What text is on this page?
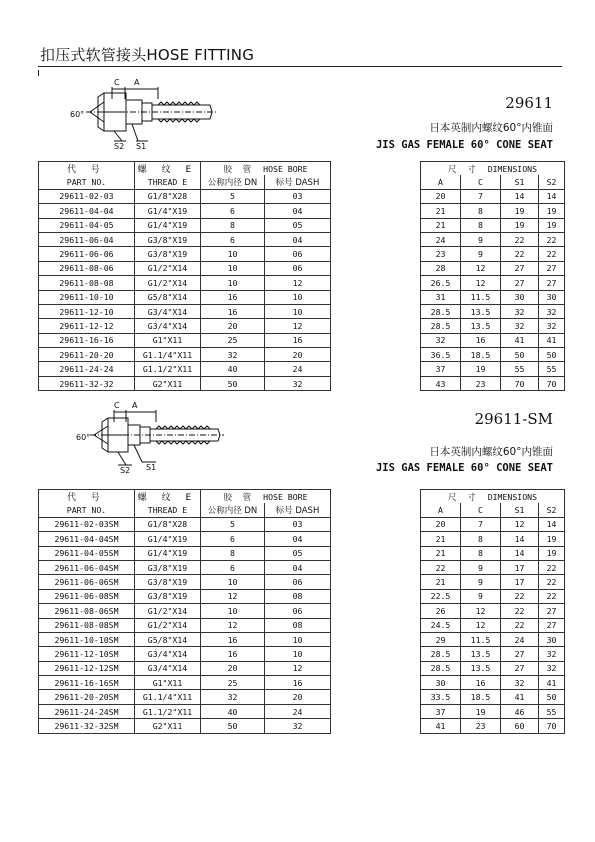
扣压式软管接头HOSE FITTING
C A
60°
S2 S1
29611
日本英制内螺纹60°内锥面
JIS GAS FEMALE 60° CONE SEAT
代 号	螺 纹 E	胶 管 HOSE BORE			尺 寸 DIMENSIONS			
PART NO.	THREAD E	公称内径 DN	标号 DASH		A	C	S1	S2
29611-02-03	G1/8"X28	5	03		20	7	14	14
29611-04-04	G1/4"X19	6	04		21	8	19	19
29611-04-05	G1/4"X19	8	05		21	8	19	19
29611-06-04	G3/8"X19	6	04		24	9	22	22
29611-06-06	G3/8"X19	10	06		23	9	22	22
29611-08-06	G1/2"X14	10	06		28	12	27	27
29611-08-08	G1/2"X14	10	12		26.5	12	27	27
29611-10-10	G5/8"X14	16	10		31	11.5	30	30
29611-12-10	G3/4"X14	16	10		28.5	13.5	32	32
29611-12-12	G3/4"X14	20	12		28.5	13.5	32	32
29611-16-16	G1"X11	25	16		32	16	41	41
29611-20-20	G1.1/4"X11	32	20		36.5	18.5	50	50
29611-24-24	G1.1/2"X11	40	24		37	19	55	55
29611-32-32	G2"X11	50	32		43	23	70	70
C A
60°
S2 S1
29611-SM
日本英制内螺纹60°内锥面
JIS GAS FEMALE 60° CONE SEAT
代 号	螺 纹 E	胶 管 HOSE BORE			尺 寸 DIMENSIONS			
PART NO.	THREAD E	公称内径 DN	标号 DASH		A	C	S1	S2
29611-02-03SM	G1/8"X28	5	03		20	7	12	14
29611-04-04SM	G1/4"X19	6	04		21	8	14	19
29611-04-05SM	G1/4"X19	8	05		21	8	14	19
29611-06-04SM	G3/8"X19	6	04		22	9	17	22
29611-06-06SM	G3/8"X19	10	06		21	9	17	22
29611-06-08SM	G3/8"X19	12	08		22.5	9	22	22
29611-08-06SM	G1/2"X14	10	06		26	12	22	27
29611-08-08SM	G1/2"X14	12	08		24.5	12	22	27
29611-10-10SM	G5/8"X14	16	10		29	11.5	24	30
29611-12-10SM	G3/4"X14	16	10		28.5	13.5	27	32
29611-12-12SM	G3/4"X14	20	12		28.5	13.5	27	32
29611-16-16SM	G1"X11	25	16		30	16	32	41
29611-20-20SM	G1.1/4"X11	32	20		33.5	18.5	41	50
29611-24-24SM	G1.1/2"X11	40	24		37	19	46	55
29611-32-32SM	G2"X11	50	32		41	23	60	70
